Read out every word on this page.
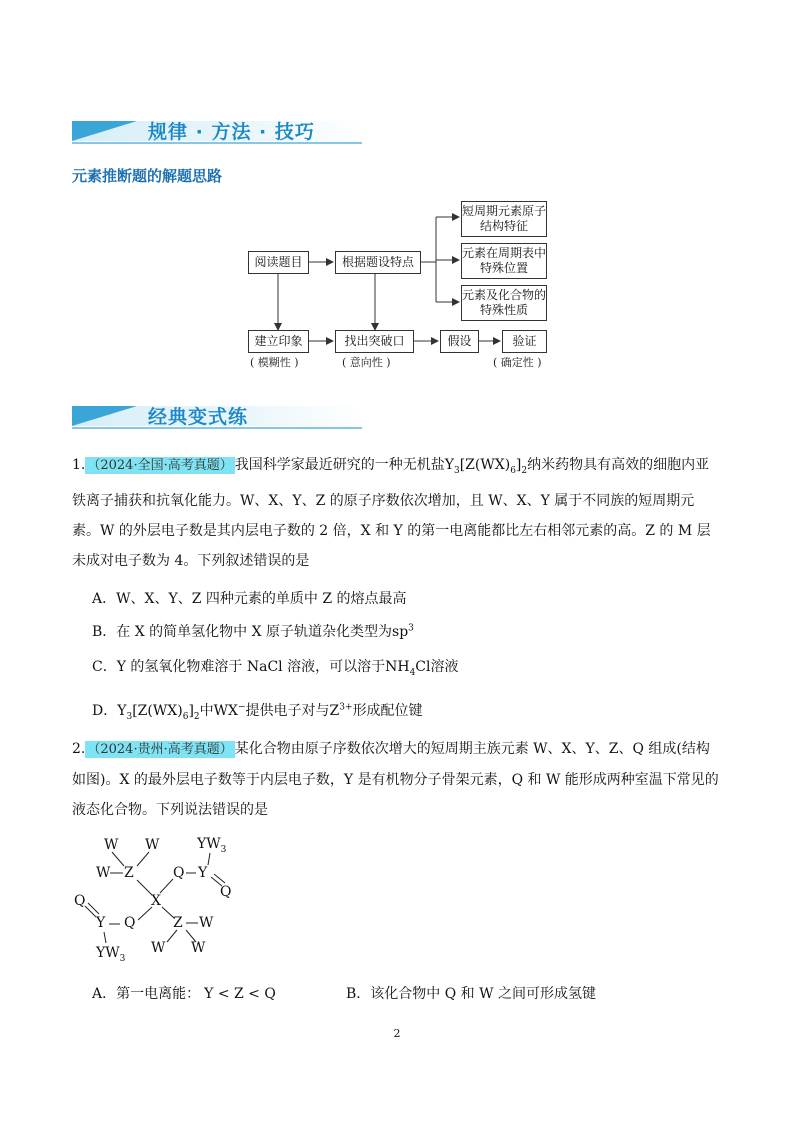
规律 · 方法 · 技巧
元素推断题的解题思路
阅读题目	根据题设特点
短周期元素原子结构特征
元素在周期表中特殊位置
元素及化合物的特殊性质
建立印象	找出突破口	假设	验证
( 模糊性 )	( 意向性 )	( 确定性 )
经典变式练
1. （2024·全国·高考真题） 我国科学家最近研究的一种无机盐$Y_3[Z(WX)_6]_2$纳米药物具有高效的细胞内亚铁离子捕获和抗氧化能力。W、X、Y、Z 的原子序数依次增加，且 W、X、Y 属于不同族的短周期元素。W 的外层电子数是其内层电子数的 2 倍，X 和 Y 的第一电离能都比左右相邻元素的高。Z 的 M 层未成对电子数为 4。下列叙述错误的是
A．W、X、Y、Z 四种元素的单质中 Z 的熔点最高
B．在 X 的简单氢化物中 X 原子轨道杂化类型为$sp^3$
C．Y 的氢氧化物难溶于 NaCl 溶液，可以溶于$NH_4Cl$溶液
D．$Y_3[Z(WX)_6]_2$中WX−提供电子对与$Z^{3+}$形成配位键
2. （2024·贵州·高考真题） 某化合物由原子序数依次增大的短周期主族元素 W、X、Y、Z、Q 组成(结构如图)。X 的最外层电子数等于内层电子数，Y 是有机物分子骨架元素，Q 和 W 能形成两种室温下常见的液态化合物。下列说法错误的是
W W
W Z	Q Y
$YW_3$
Q
X
Q
Y Q	Z W
W W
$YW_3$
A．第一电离能： Y < Z < Q	B．该化合物中 Q 和 W 之间可形成氢键
2
